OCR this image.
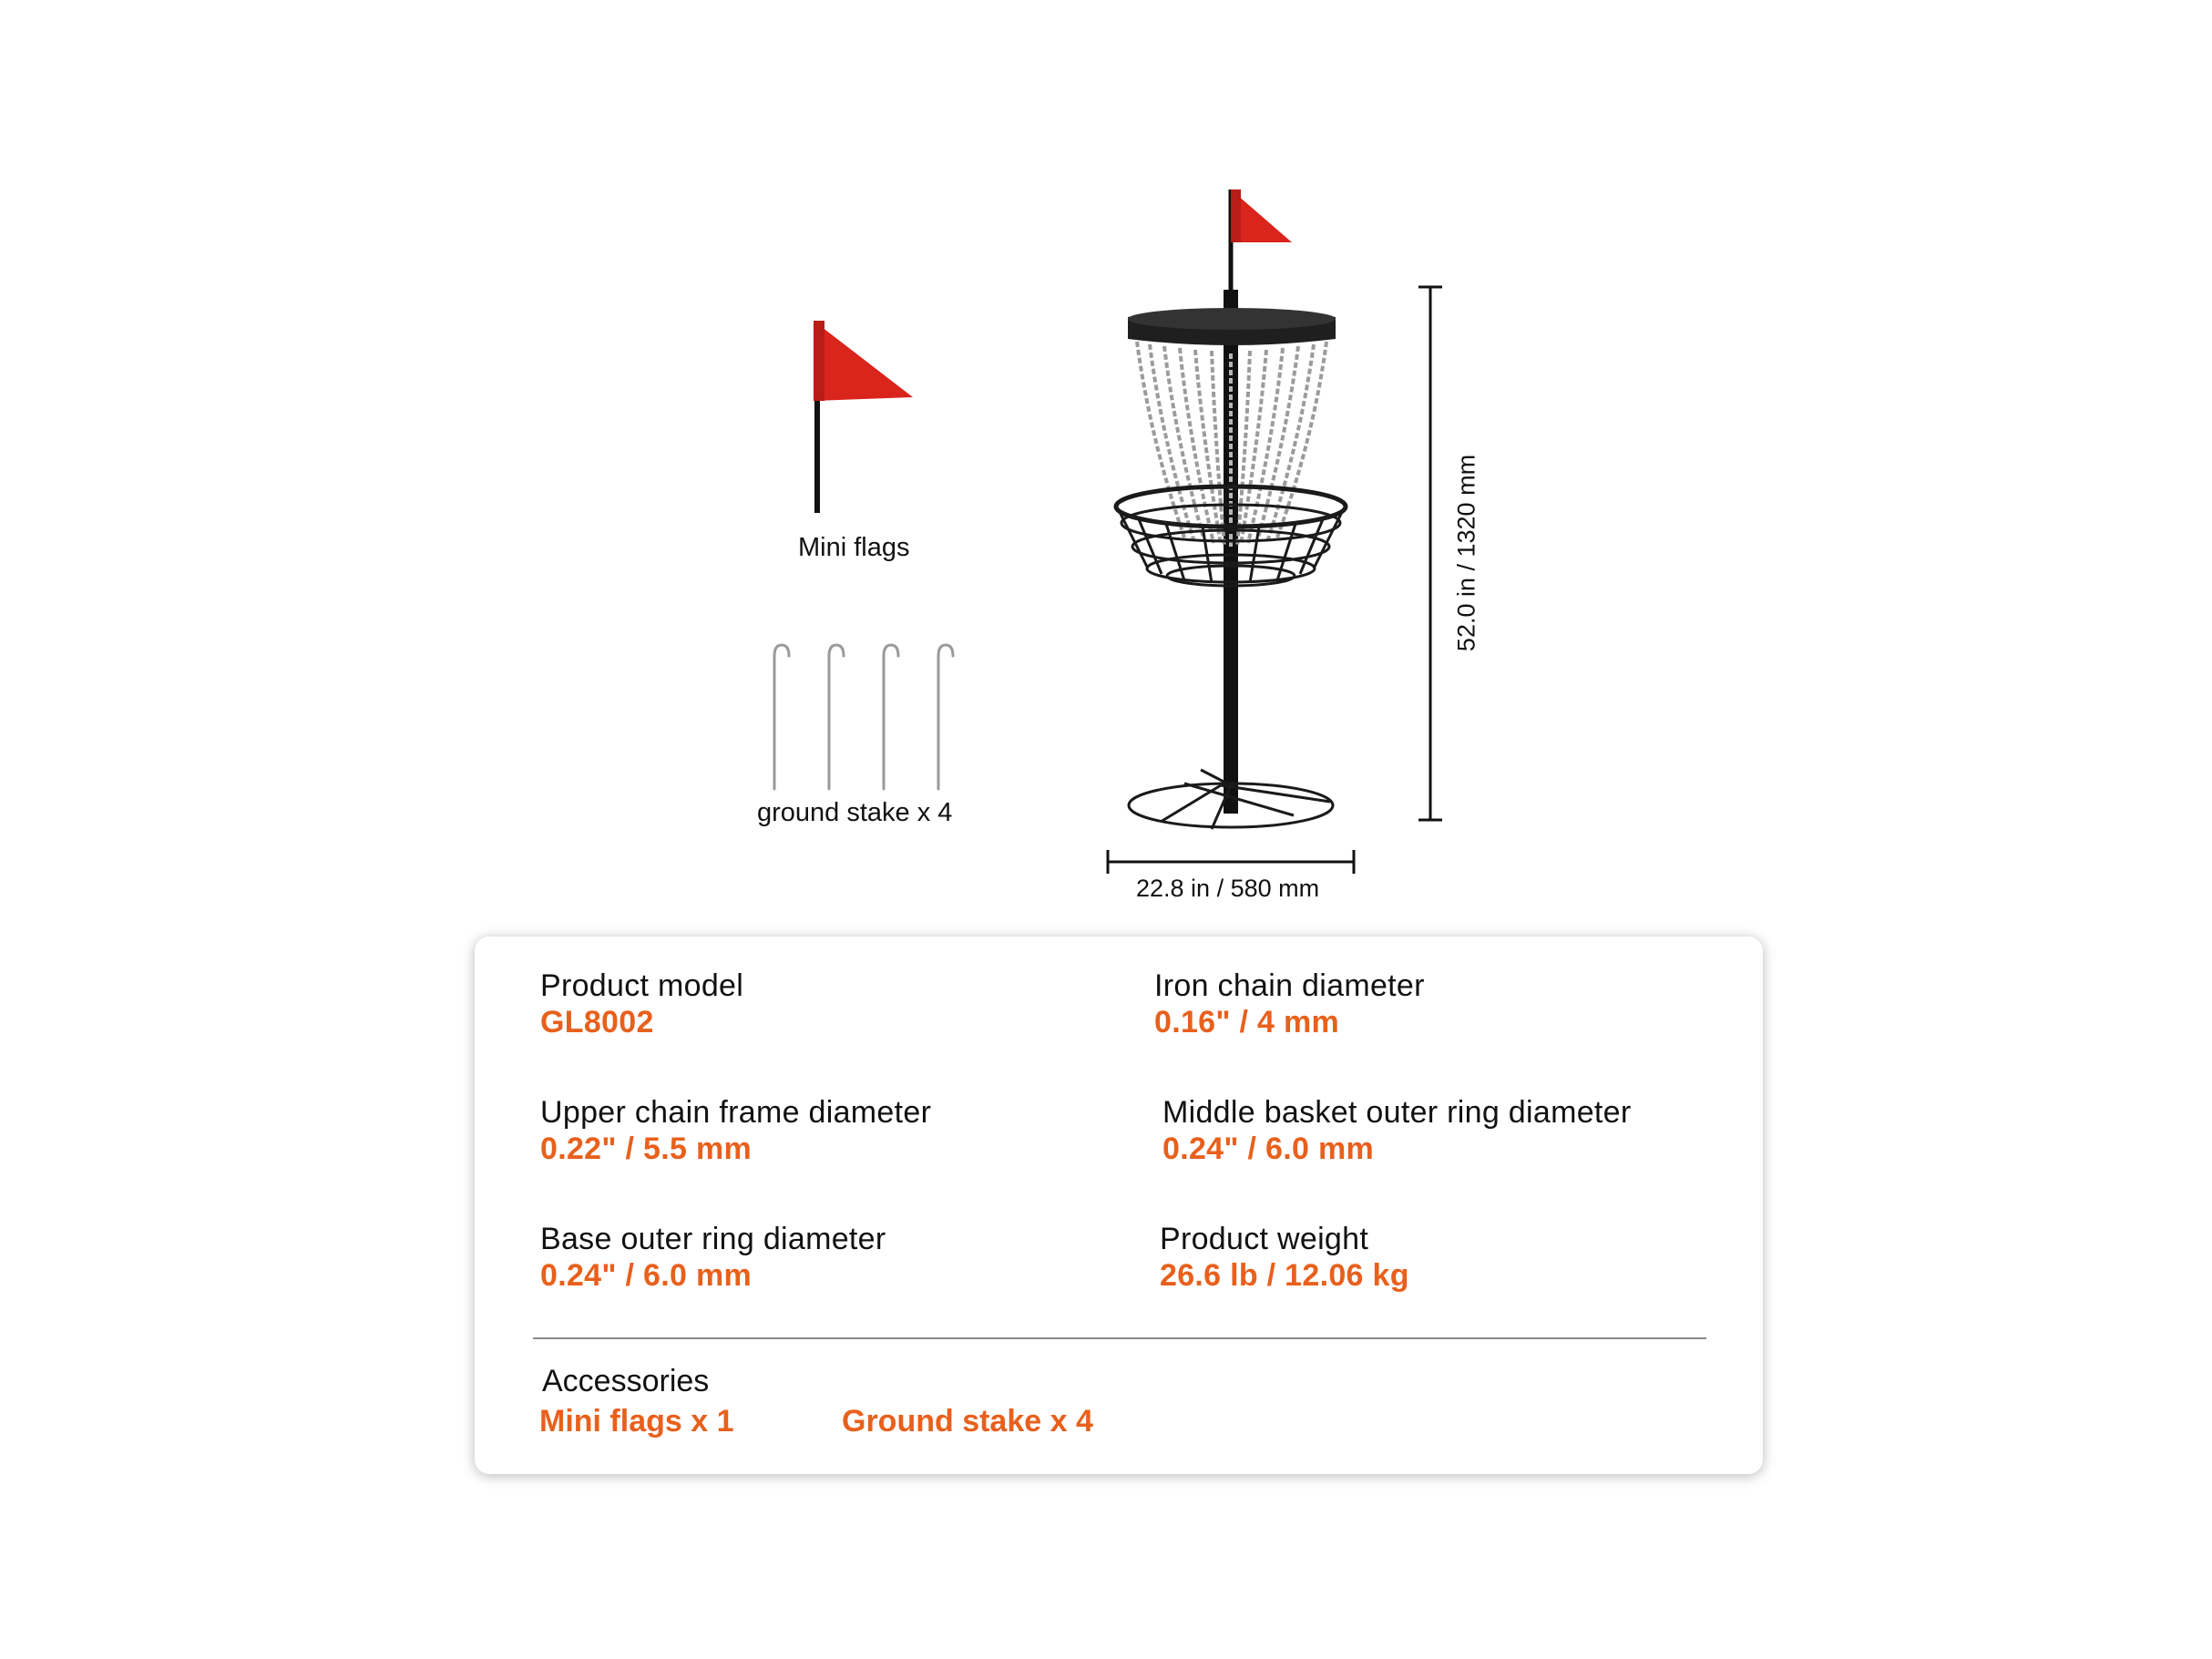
Mini flags
ground stake x 4
52.0 in / 1320 mm
22.8 in / 580 mm
Product model
GL8002
Iron chain diameter
0.16" / 4 mm
Upper chain frame diameter
0.22" / 5.5 mm
Middle basket outer ring diameter
0.24" / 6.0 mm
Base outer ring diameter
0.24" / 6.0 mm
Product weight
26.6 lb / 12.06 kg
Accessories
Mini flags x 1	Ground stake x 4
